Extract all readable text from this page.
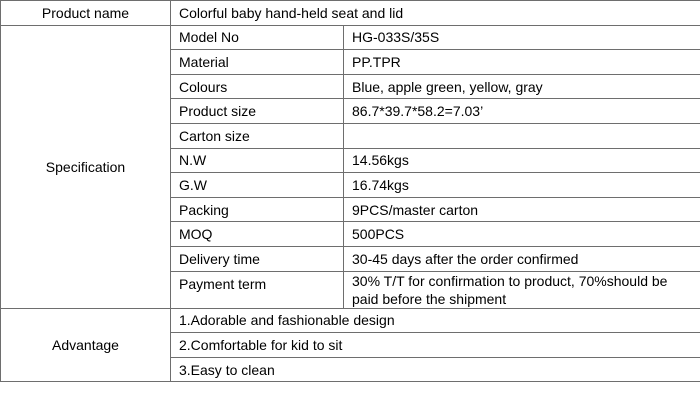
Product name	Colorful baby hand-held seat and lid	
Specification	Model No	HG-033S/35S
	Material	PP.TPR
	Colours	Blue, apple green, yellow, gray
	Product size	86.7*39.7*58.2=7.03’
	Carton size	
	N.W	14.56kgs
	G.W	16.74kgs
	Packing	9PCS/master carton
	MOQ	500PCS
	Delivery time	30-45 days after the order confirmed
	Payment term	30% T/T for confirmation to product, 70%should be paid before the shipment
Advantage	1.Adorable and fashionable design	
	2.Comfortable for kid to sit	
	3.Easy to clean	
